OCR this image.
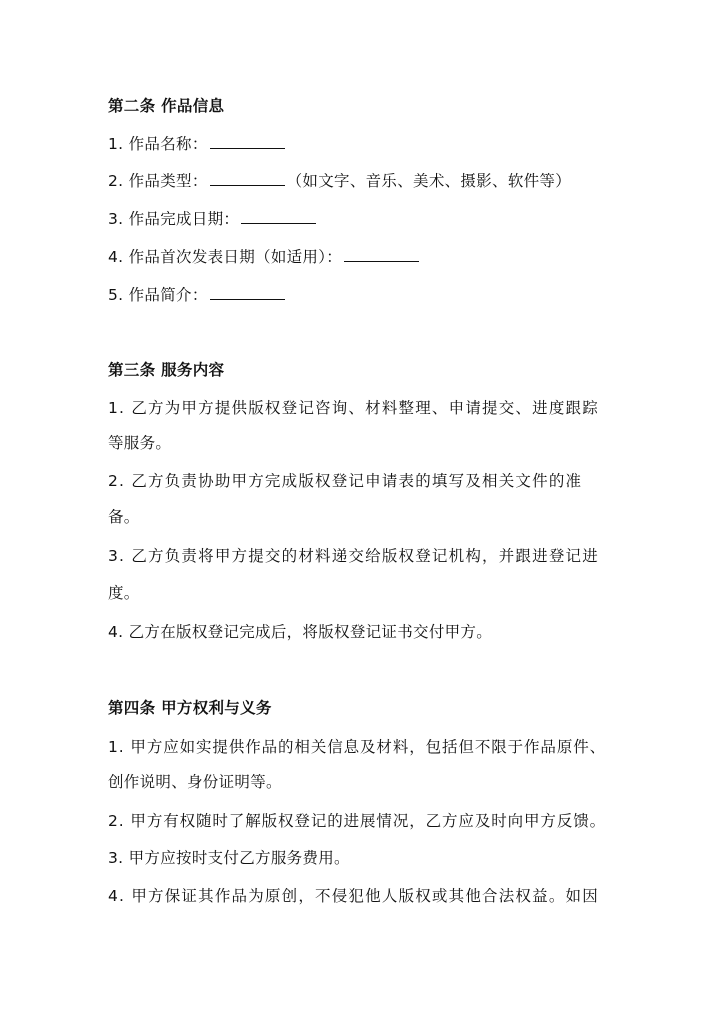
第二条 作品信息
1. 作品名称：
2. 作品类型：	（如文字、音乐、美术、摄影、软件等）
3. 作品完成日期：
4. 作品首次发表日期（如适用）：
5. 作品简介：
第三条 服务内容
1. 乙方为甲方提供版权登记咨询、材料整理、申请提交、进度跟踪
等服务。
2. 乙方负责协助甲方完成版权登记申请表的填写及相关文件的准
备。
3. 乙方负责将甲方提交的材料递交给版权登记机构，并跟进登记进
度。
4. 乙方在版权登记完成后，将版权登记证书交付甲方。
第四条 甲方权利与义务
1. 甲方应如实提供作品的相关信息及材料，包括但不限于作品原件、
创作说明、身份证明等。
2. 甲方有权随时了解版权登记的进展情况，乙方应及时向甲方反馈。
3. 甲方应按时支付乙方服务费用。
4. 甲方保证其作品为原创，不侵犯他人版权或其他合法权益。如因
